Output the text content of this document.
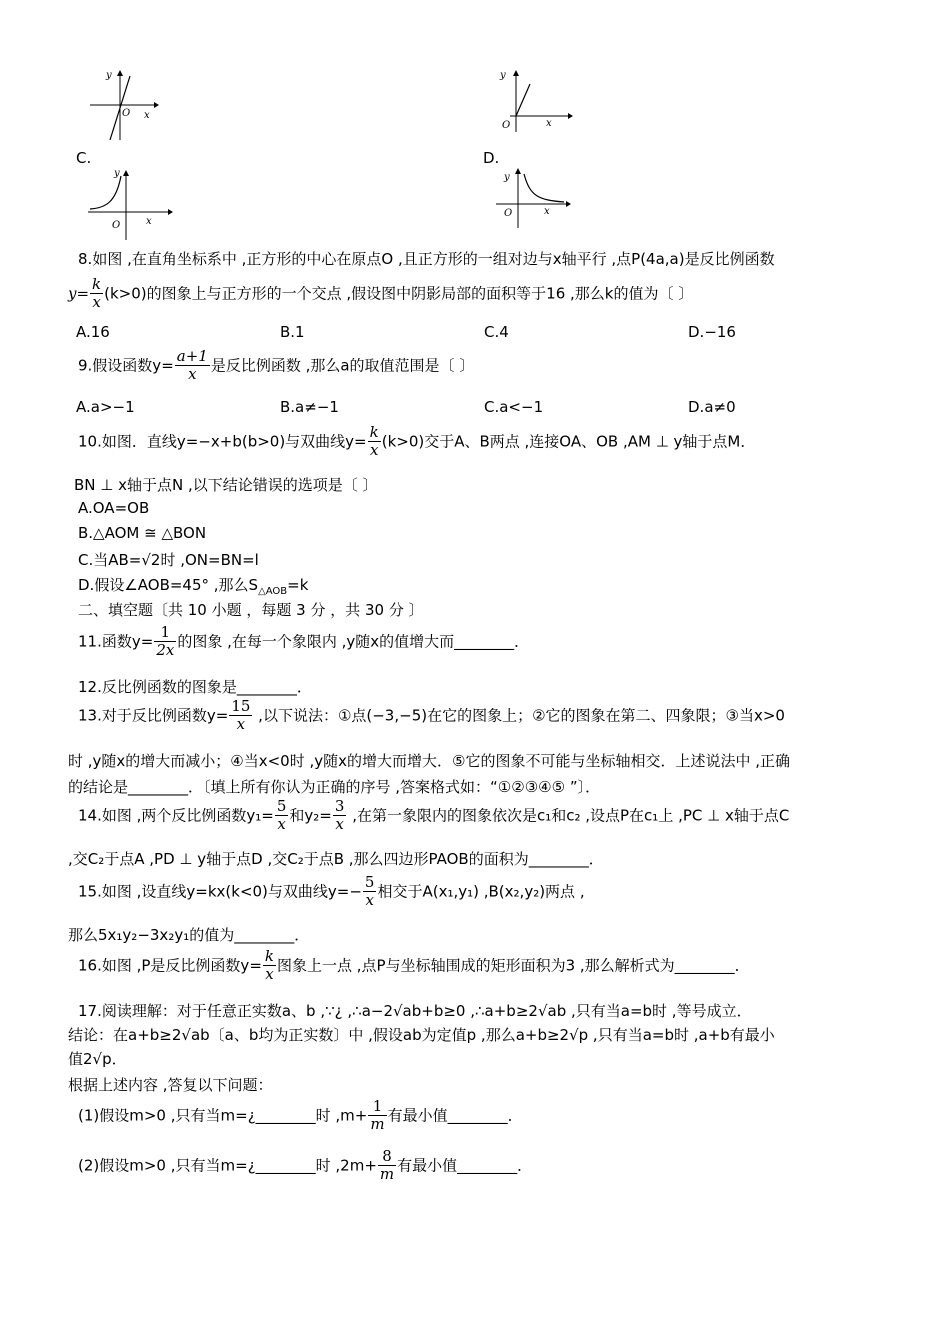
y
O x
y
O	x
C.	D.
y
O	x
y
O	x
8.如图 ,在直角坐标系中 ,正方形的中心在原点O ,且正方形的一组对边与x轴平行 ,点P(4a,a)是反比例函数
$y= \frac{k}{x} (k>0)$的图象上与正方形的一个交点 ,假设图中阴影局部的面积等于16 ,那么k的值为〔 〕
A.16	B.1	C.4	D.−16
9.假设函数$y= \frac{a+1}{x}$ 是反比例函数 ,那么a的取值范围是〔 〕
A.a>−1	B.a≠−1	C.a<−1	D.a≠0
10.如图．直线y=−x+b(b>0)与双曲线$y= \frac{k}{x} (k>0)$交于A、B两点 ,连接OA、OB ,AM ⊥ y轴于点M．
BN ⊥ x轴于点N ,以下结论错误的选项是〔 〕
A.OA=OB
B.△AOM ≅ △BON
C.当AB=√2时 ,ON=BN=l
D.假设∠AOB=45° ,那么$S_{\triangle AOB}=k$
二、填空题〔共 10 小题 ，每题 3 分 ，共 30 分 〕
11.函数$y= \frac{1}{2x}$ 的图象 ,在每一个象限内 ,y随x的值增大而________．
12.反比例函数的图象是________．
13.对于反比例函数$y= \frac{15}{x}$ ,以下说法：①点(−3,−5)在它的图象上；②它的图象在第二、四象限；③当x>0
时 ,y随x的增大而减小；④当x<0时 ,y随x的增大而增大．⑤它的图象不可能与坐标轴相交．上述说法中 ,正确
的结论是________．〔填上所有你认为正确的序号 ,答案格式如：“①②③④⑤ ”〕．
14.如图 ,两个反比例函数$y_1= \frac{5}{x}$ 和$y_2= \frac{3}{x}$ ,在第一象限内的图象依次是c₁和c₂ ,设点P在c₁上 ,PC ⊥ x轴于点C
,交C₂于点A ,PD ⊥ y轴于点D ,交C₂于点B ,那么四边形PAOB的面积为________．
15.如图 ,设直线y=kx(k<0)与双曲线$y=- \frac{5}{x}$ 相交于A(x₁,y₁) ,B(x₂,y₂)两点 ,
那么5x₁y₂−3x₂y₁的值为________．
16.如图 ,P是反比例函数$y= \frac{k}{x}$ 图象上一点 ,点P与坐标轴围成的矩形面积为3 ,那么解析式为________．
17.阅读理解：对于任意正实数a、b ,∵¿ ,∴a−2√ab+b≥0 ,∴a+b≥2√ab ,只有当a=b时 ,等号成立．
结论：在a+b≥2√ab〔a、b均为正实数〕中 ,假设ab为定值p ,那么a+b≥2√p ,只有当a=b时 ,a+b有最小
值2√p．
根据上述内容 ,答复以下问题：
(1)假设m>0 ,只有当m=¿________时 $,m+ \frac{1}{m}$ 有最小值________．
(2)假设m>0 ,只有当m=¿________时 $,2m+ \frac{8}{m}$ 有最小值________．
